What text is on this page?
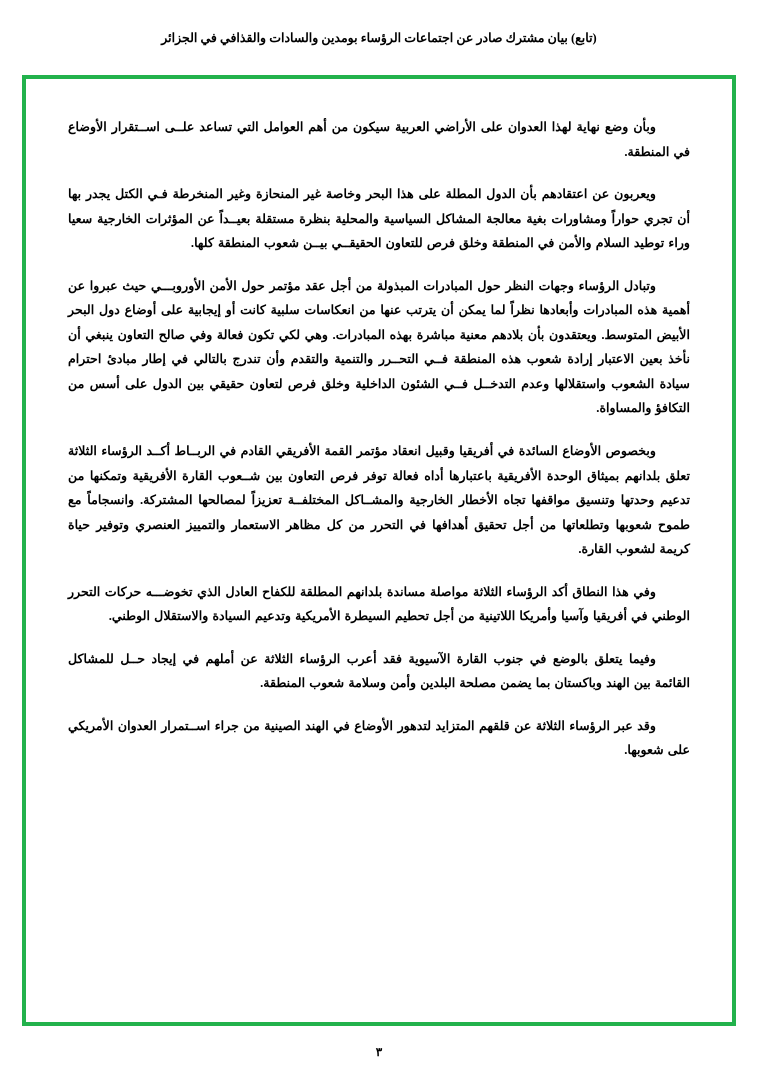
(تابع) بيان مشترك صادر عن اجتماعات الرؤساء بومدين والسادات والقذافي في الجزائر

وبأن وضع نهاية لهذا العدوان على الأراضي العربية سيكون من أهم العوامل التي تساعد علــى اســتقرار الأوضاع في المنطقة.

ويعربون عن اعتقادهم بأن الدول المطلة على هذا البحر وخاصة غير المنحازة وغير المنخرطة فـي الكتل يجدر بها أن تجري حواراً ومشاورات بغية معالجة المشاكل السياسية والمحلية بنظرة مستقلة بعيــداً عن المؤثرات الخارجية سعيا وراء توطيد السلام والأمن في المنطقة وخلق فرص للتعاون الحقيقــي بيــن شعوب المنطقة كلها.

وتبادل الرؤساء وجهات النظر حول المبادرات المبذولة من أجل عقد مؤتمر حول الأمن الأوروبـــي حيث عبروا عن أهمية هذه المبادرات وأبعادها نظراً لما يمكن أن يترتب عنها من انعكاسات سلبية كانت أو إيجابية على أوضاع دول البحر الأبيض المتوسط. ويعتقدون بأن بلادهم معنية مباشرة بهذه المبادرات. وهي لكي تكون فعالة وفي صالح التعاون ينبغي أن نأخذ بعين الاعتبار إرادة شعوب هذه المنطقة فــي التحــرر والتنمية والتقدم وأن تندرج بالتالي في إطار مبادئ احترام سيادة الشعوب واستقلالها وعدم التدخــل فــي الشئون الداخلية وخلق فرص لتعاون حقيقي بين الدول على أسس من التكافؤ والمساواة.

وبخصوص الأوضاع السائدة في أفريقيا وقبيل انعقاد مؤتمر القمة الأفريقي القادم في الربــاط أكــد الرؤساء الثلاثة تعلق بلدانهم بميثاق الوحدة الأفريقية باعتبارها أداه فعالة توفر فرص التعاون بين شــعوب القارة الأفريقية وتمكنها من تدعيم وحدتها وتنسيق مواقفها تجاه الأخطار الخارجية والمشــاكل المختلفــة تعزيزاً لمصالحها المشتركة. وانسجاماً مع طموح شعوبها وتطلعاتها من أجل تحقيق أهدافها في التحرر من كل مظاهر الاستعمار والتمييز العنصري وتوفير حياة كريمة لشعوب القارة.

وفي هذا النطاق أكد الرؤساء الثلاثة مواصلة مساندة بلدانهم المطلقة للكفاح العادل الذي تخوضـــه حركات التحرر الوطني في أفريقيا وآسيا وأمريكا اللاتينية من أجل تحطيم السيطرة الأمريكية وتدعيم السيادة والاستقلال الوطني.

وفيما يتعلق بالوضع في جنوب القارة الآسيوية فقد أعرب الرؤساء الثلاثة عن أملهم في إيجاد حــل للمشاكل القائمة بين الهند وباكستان بما يضمن مصلحة البلدين وأمن وسلامة شعوب المنطقة.

وقد عبر الرؤساء الثلاثة عن قلقهم المتزايد لتدهور الأوضاع في الهند الصينية من جراء اســتمرار العدوان الأمريكي على شعوبها.

٣
